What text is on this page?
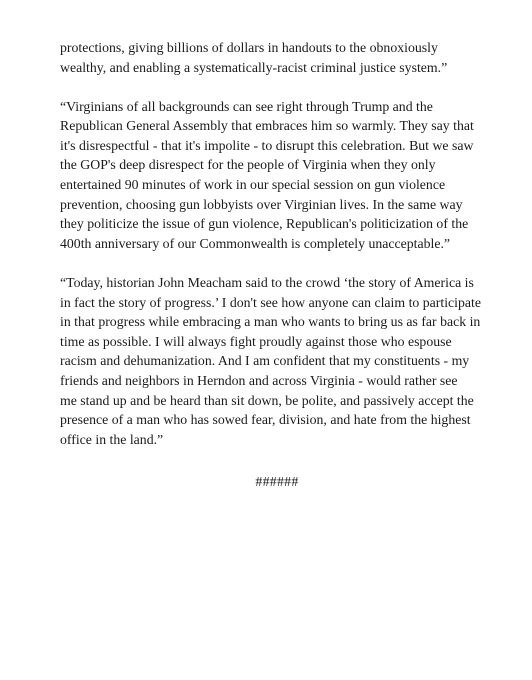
protections, giving billions of dollars in handouts to the obnoxiously
wealthy, and enabling a systematically-racist criminal justice system.”

“Virginians of all backgrounds can see right through Trump and the
Republican General Assembly that embraces him so warmly. They say that
it's disrespectful - that it's impolite - to disrupt this celebration. But we saw
the GOP's deep disrespect for the people of Virginia when they only
entertained 90 minutes of work in our special session on gun violence
prevention, choosing gun lobbyists over Virginian lives. In the same way
they politicize the issue of gun violence, Republican's politicization of the
400th anniversary of our Commonwealth is completely unacceptable.”

“Today, historian John Meacham said to the crowd ‘the story of America is
in fact the story of progress.’ I don't see how anyone can claim to participate
in that progress while embracing a man who wants to bring us as far back in
time as possible. I will always fight proudly against those who espouse
racism and dehumanization. And I am confident that my constituents - my
friends and neighbors in Herndon and across Virginia - would rather see
me stand up and be heard than sit down, be polite, and passively accept the
presence of a man who has sowed fear, division, and hate from the highest
office in the land.”

######
